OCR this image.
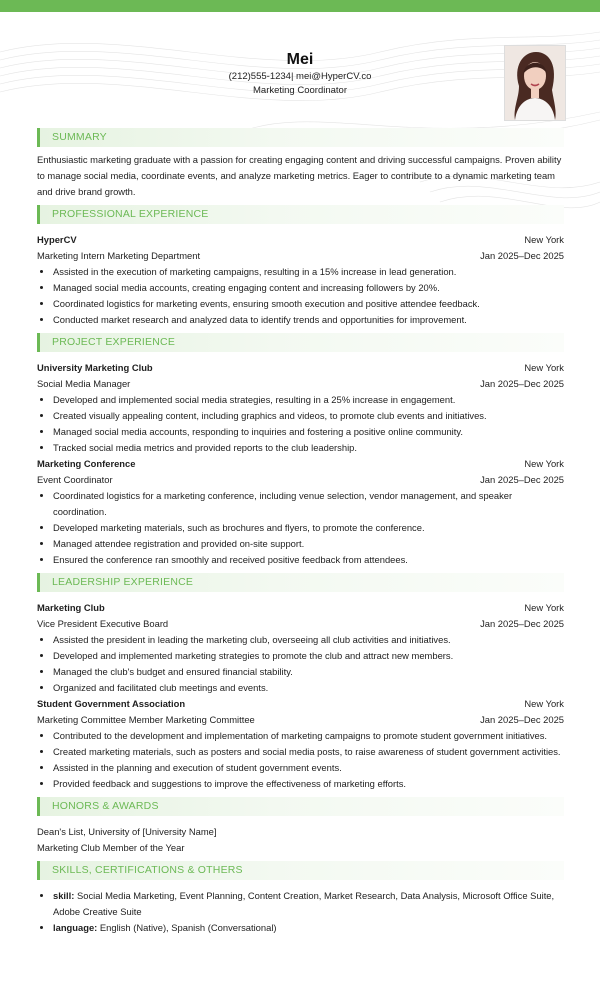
Mei
(212)555-1234| mei@HyperCV.co
Marketing Coordinator
SUMMARY
Enthusiastic marketing graduate with a passion for creating engaging content and driving successful campaigns. Proven ability to manage social media, coordinate events, and analyze marketing metrics. Eager to contribute to a dynamic marketing team and drive brand growth.
PROFESSIONAL EXPERIENCE
HyperCV	New York
Marketing Intern Marketing Department	Jan 2025–Dec 2025
• Assisted in the execution of marketing campaigns, resulting in a 15% increase in lead generation.
• Managed social media accounts, creating engaging content and increasing followers by 20%.
• Coordinated logistics for marketing events, ensuring smooth execution and positive attendee feedback.
• Conducted market research and analyzed data to identify trends and opportunities for improvement.
PROJECT EXPERIENCE
University Marketing Club	New York
Social Media Manager	Jan 2025–Dec 2025
• Developed and implemented social media strategies, resulting in a 25% increase in engagement.
• Created visually appealing content, including graphics and videos, to promote club events and initiatives.
• Managed social media accounts, responding to inquiries and fostering a positive online community.
• Tracked social media metrics and provided reports to the club leadership.
Marketing Conference	New York
Event Coordinator	Jan 2025–Dec 2025
• Coordinated logistics for a marketing conference, including venue selection, vendor management, and speaker coordination.
• Developed marketing materials, such as brochures and flyers, to promote the conference.
• Managed attendee registration and provided on-site support.
• Ensured the conference ran smoothly and received positive feedback from attendees.
LEADERSHIP EXPERIENCE
Marketing Club	New York
Vice President Executive Board	Jan 2025–Dec 2025
• Assisted the president in leading the marketing club, overseeing all club activities and initiatives.
• Developed and implemented marketing strategies to promote the club and attract new members.
• Managed the club's budget and ensured financial stability.
• Organized and facilitated club meetings and events.
Student Government Association	New York
Marketing Committee Member Marketing Committee	Jan 2025–Dec 2025
• Contributed to the development and implementation of marketing campaigns to promote student government initiatives.
• Created marketing materials, such as posters and social media posts, to raise awareness of student government activities.
• Assisted in the planning and execution of student government events.
• Provided feedback and suggestions to improve the effectiveness of marketing efforts.
HONORS & AWARDS
Dean's List, University of [University Name]
Marketing Club Member of the Year
SKILLS, CERTIFICATIONS & OTHERS
• skill: Social Media Marketing, Event Planning, Content Creation, Market Research, Data Analysis, Microsoft Office Suite, Adobe Creative Suite
• language: English (Native), Spanish (Conversational)
